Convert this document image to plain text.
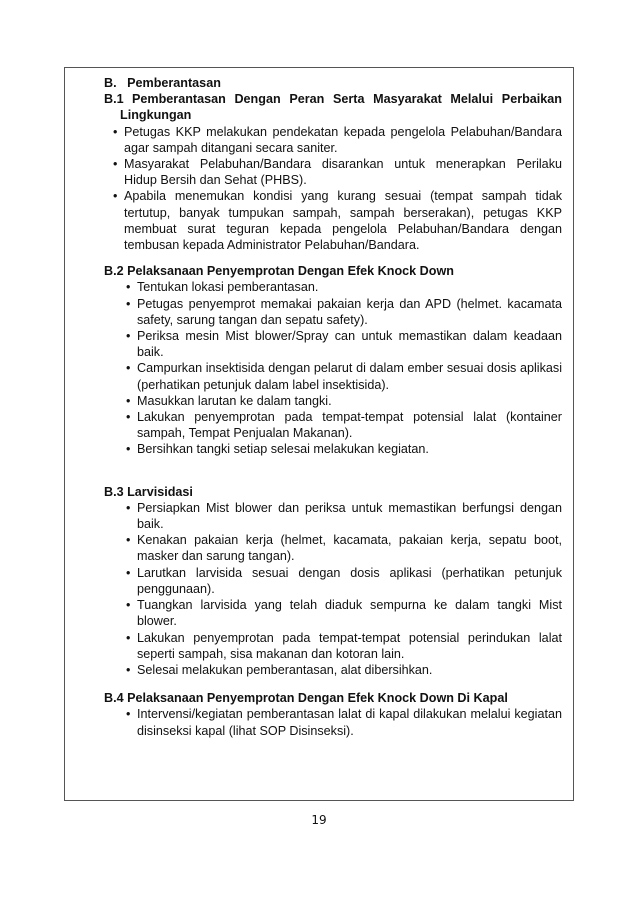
B.   Pemberantasan
B.1 Pemberantasan Dengan Peran Serta Masyarakat Melalui Perbaikan
Lingkungan
• Petugas KKP melakukan pendekatan kepada pengelola Pelabuhan/Bandara agar sampah ditangani secara saniter.
• Masyarakat Pelabuhan/Bandara disarankan untuk menerapkan Perilaku Hidup Bersih dan Sehat (PHBS).
• Apabila menemukan kondisi yang kurang sesuai (tempat sampah tidak tertutup, banyak tumpukan sampah, sampah berserakan), petugas KKP membuat surat teguran kepada pengelola Pelabuhan/Bandara dengan tembusan kepada Administrator Pelabuhan/Bandara.
B.2 Pelaksanaan Penyemprotan Dengan Efek Knock Down
• Tentukan lokasi pemberantasan.
• Petugas penyemprot memakai pakaian kerja dan APD (helmet. kacamata safety, sarung tangan dan sepatu safety).
• Periksa mesin Mist blower/Spray can untuk memastikan dalam keadaan baik.
• Campurkan insektisida dengan pelarut di dalam ember sesuai dosis aplikasi (perhatikan petunjuk dalam label insektisida).
• Masukkan larutan ke dalam tangki.
• Lakukan penyemprotan pada tempat-tempat potensial lalat (kontainer sampah, Tempat Penjualan Makanan).
• Bersihkan tangki setiap selesai melakukan kegiatan.
B.3 Larvisidasi
• Persiapkan Mist blower dan periksa untuk memastikan berfungsi dengan baik.
• Kenakan pakaian kerja (helmet, kacamata, pakaian kerja, sepatu boot, masker dan sarung tangan).
• Larutkan larvisida sesuai dengan dosis aplikasi (perhatikan petunjuk penggunaan).
• Tuangkan larvisida yang telah diaduk sempurna ke dalam tangki Mist blower.
• Lakukan penyemprotan pada tempat-tempat potensial perindukan lalat seperti sampah, sisa makanan dan kotoran lain.
• Selesai melakukan pemberantasan, alat dibersihkan.
B.4 Pelaksanaan Penyemprotan Dengan Efek Knock Down Di Kapal
• Intervensi/kegiatan pemberantasan lalat di kapal dilakukan melalui kegiatan disinseksi kapal (lihat SOP Disinseksi).
19
